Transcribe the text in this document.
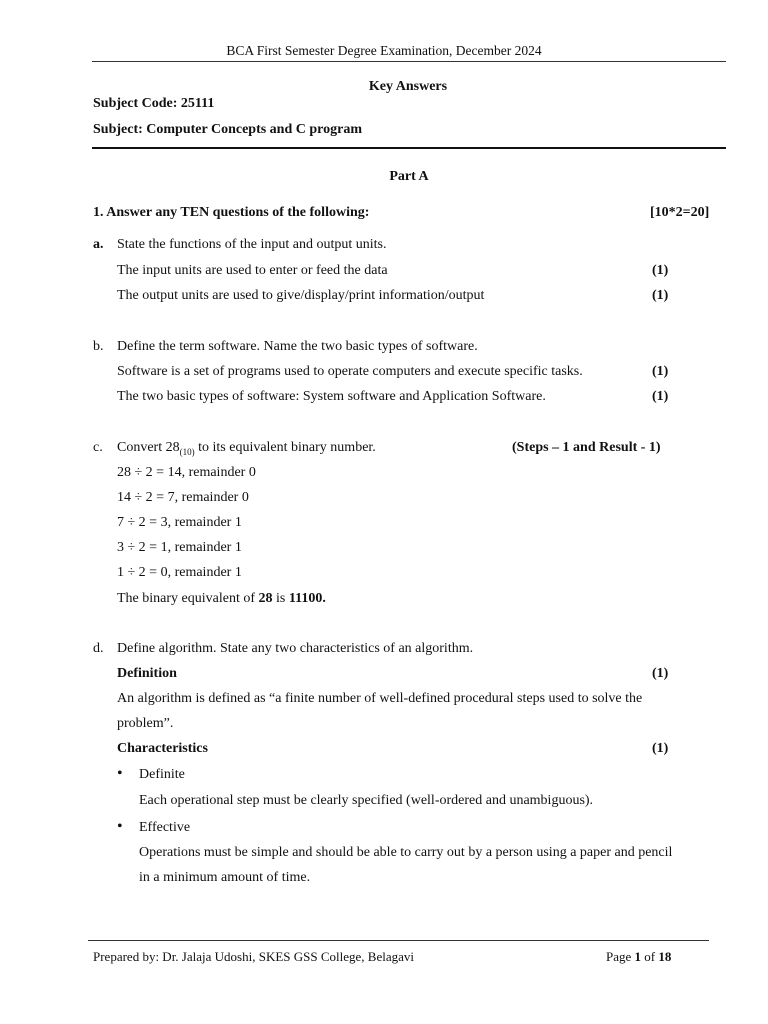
BCA First Semester Degree Examination, December 2024
Key Answers
Subject Code: 25111
Subject: Computer Concepts and C program
Part A
1. Answer any TEN questions of the following:	[10*2=20]
a. State the functions of the input and output units.
The input units are used to enter or feed the data	(1)
The output units are used to give/display/print information/output	(1)
b. Define the term software. Name the two basic types of software.
Software is a set of programs used to operate computers and execute specific tasks.	(1)
The two basic types of software: System software and Application Software.	(1)
c. Convert $28_{(10)}$ to its equivalent binary number.	(Steps – 1 and Result - 1)
28 ÷ 2 = 14, remainder 0
14 ÷ 2 = 7, remainder 0
7 ÷ 2 = 3, remainder 1
3 ÷ 2 = 1, remainder 1
1 ÷ 2 = 0, remainder 1
The binary equivalent of 28 is 11100.
d. Define algorithm. State any two characteristics of an algorithm.
Definition	(1)
An algorithm is defined as “a finite number of well-defined procedural steps used to solve the
problem”.
Characteristics	(1)
• Definite
Each operational step must be clearly specified (well-ordered and unambiguous).
• Effective
Operations must be simple and should be able to carry out by a person using a paper and pencil
in a minimum amount of time.
Prepared by: Dr. Jalaja Udoshi, SKES GSS College, Belagavi	Page 1 of 18
